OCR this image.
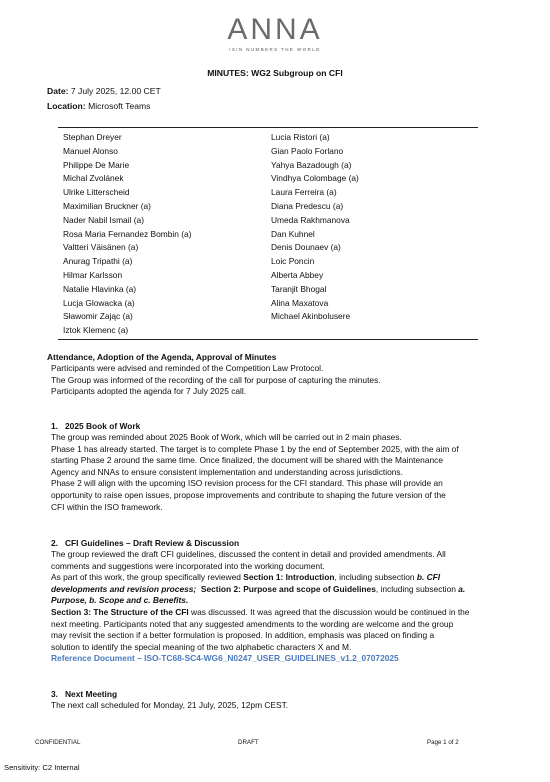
ANNA
ISIN NUMBERS THE WORLD
MINUTES: WG2 Subgroup on CFI
Date: 7 July 2025, 12.00 CET
Location: Microsoft Teams
Stephan Dreyer
Manuel Alonso
Philippe De Marie
Michal Zvolánek
Ulrike Litterscheid
Maximilian Bruckner (a)
Nader Nabil Ismail (a)
Rosa Maria Fernandez Bombin (a)
Valtteri Väisänen (a)
Anurag Tripathi (a)
Hilmar Karlsson
Natalie Hlavinka (a)
Lucja Glowacka (a)
Sławomir Zając (a)
Iztok Klemenc (a)
Lucia Ristori (a)
Gian Paolo Forlano
Yahya Bazadough (a)
Vindhya Colombage (a)
Laura Ferreira (a)
Diana Predescu (a)
Umeda Rakhmanova
Dan Kuhnel
Denis Dounaev (a)
Loic Poncin
Alberta Abbey
Taranjit Bhogal
Alina Maxatova
Michael Akinbolusere
Attendance, Adoption of the Agenda, Approval of Minutes
Participants were advised and reminded of the Competition Law Protocol.
The Group was informed of the recording of the call for purpose of capturing the minutes.
Participants adopted the agenda for 7 July 2025 call.
1. 2025 Book of Work
The group was reminded about 2025 Book of Work, which will be carried out in 2 main phases.
Phase 1 has already started. The target is to complete Phase 1 by the end of September 2025, with the aim of
starting Phase 2 around the same time. Once finalized, the document will be shared with the Maintenance
Agency and NNAs to ensure consistent implementation and understanding across jurisdictions.
Phase 2 will align with the upcoming ISO revision process for the CFI standard. This phase will provide an
opportunity to raise open issues, propose improvements and contribute to shaping the future version of the
CFI within the ISO framework.
2. CFI Guidelines – Draft Review & Discussion
The group reviewed the draft CFI guidelines, discussed the content in detail and provided amendments. All
comments and suggestions were incorporated into the working document.
As part of this work, the group specifically reviewed Section 1: Introduction, including subsection b. CFI
developments and revision process;  Section 2: Purpose and scope of Guidelines, including subsection a.
Purpose, b. Scope and c. Benefits.
Section 3: The Structure of the CFI was discussed. It was agreed that the discussion would be continued in the
next meeting. Participants noted that any suggested amendments to the wording are welcome and the group
may revisit the section if a better formulation is proposed. In addition, emphasis was placed on finding a
solution to identify the special meaning of the two alphabetic characters X and M.
Reference Document – ISO-TC68-SC4-WG6_N0247_USER_GUIDELINES_v1.2_07072025
3. Next Meeting
The next call scheduled for Monday, 21 July, 2025, 12pm CEST.
CONFIDENTIAL	DRAFT	Page 1 of 2
Sensitivity: C2 Internal
